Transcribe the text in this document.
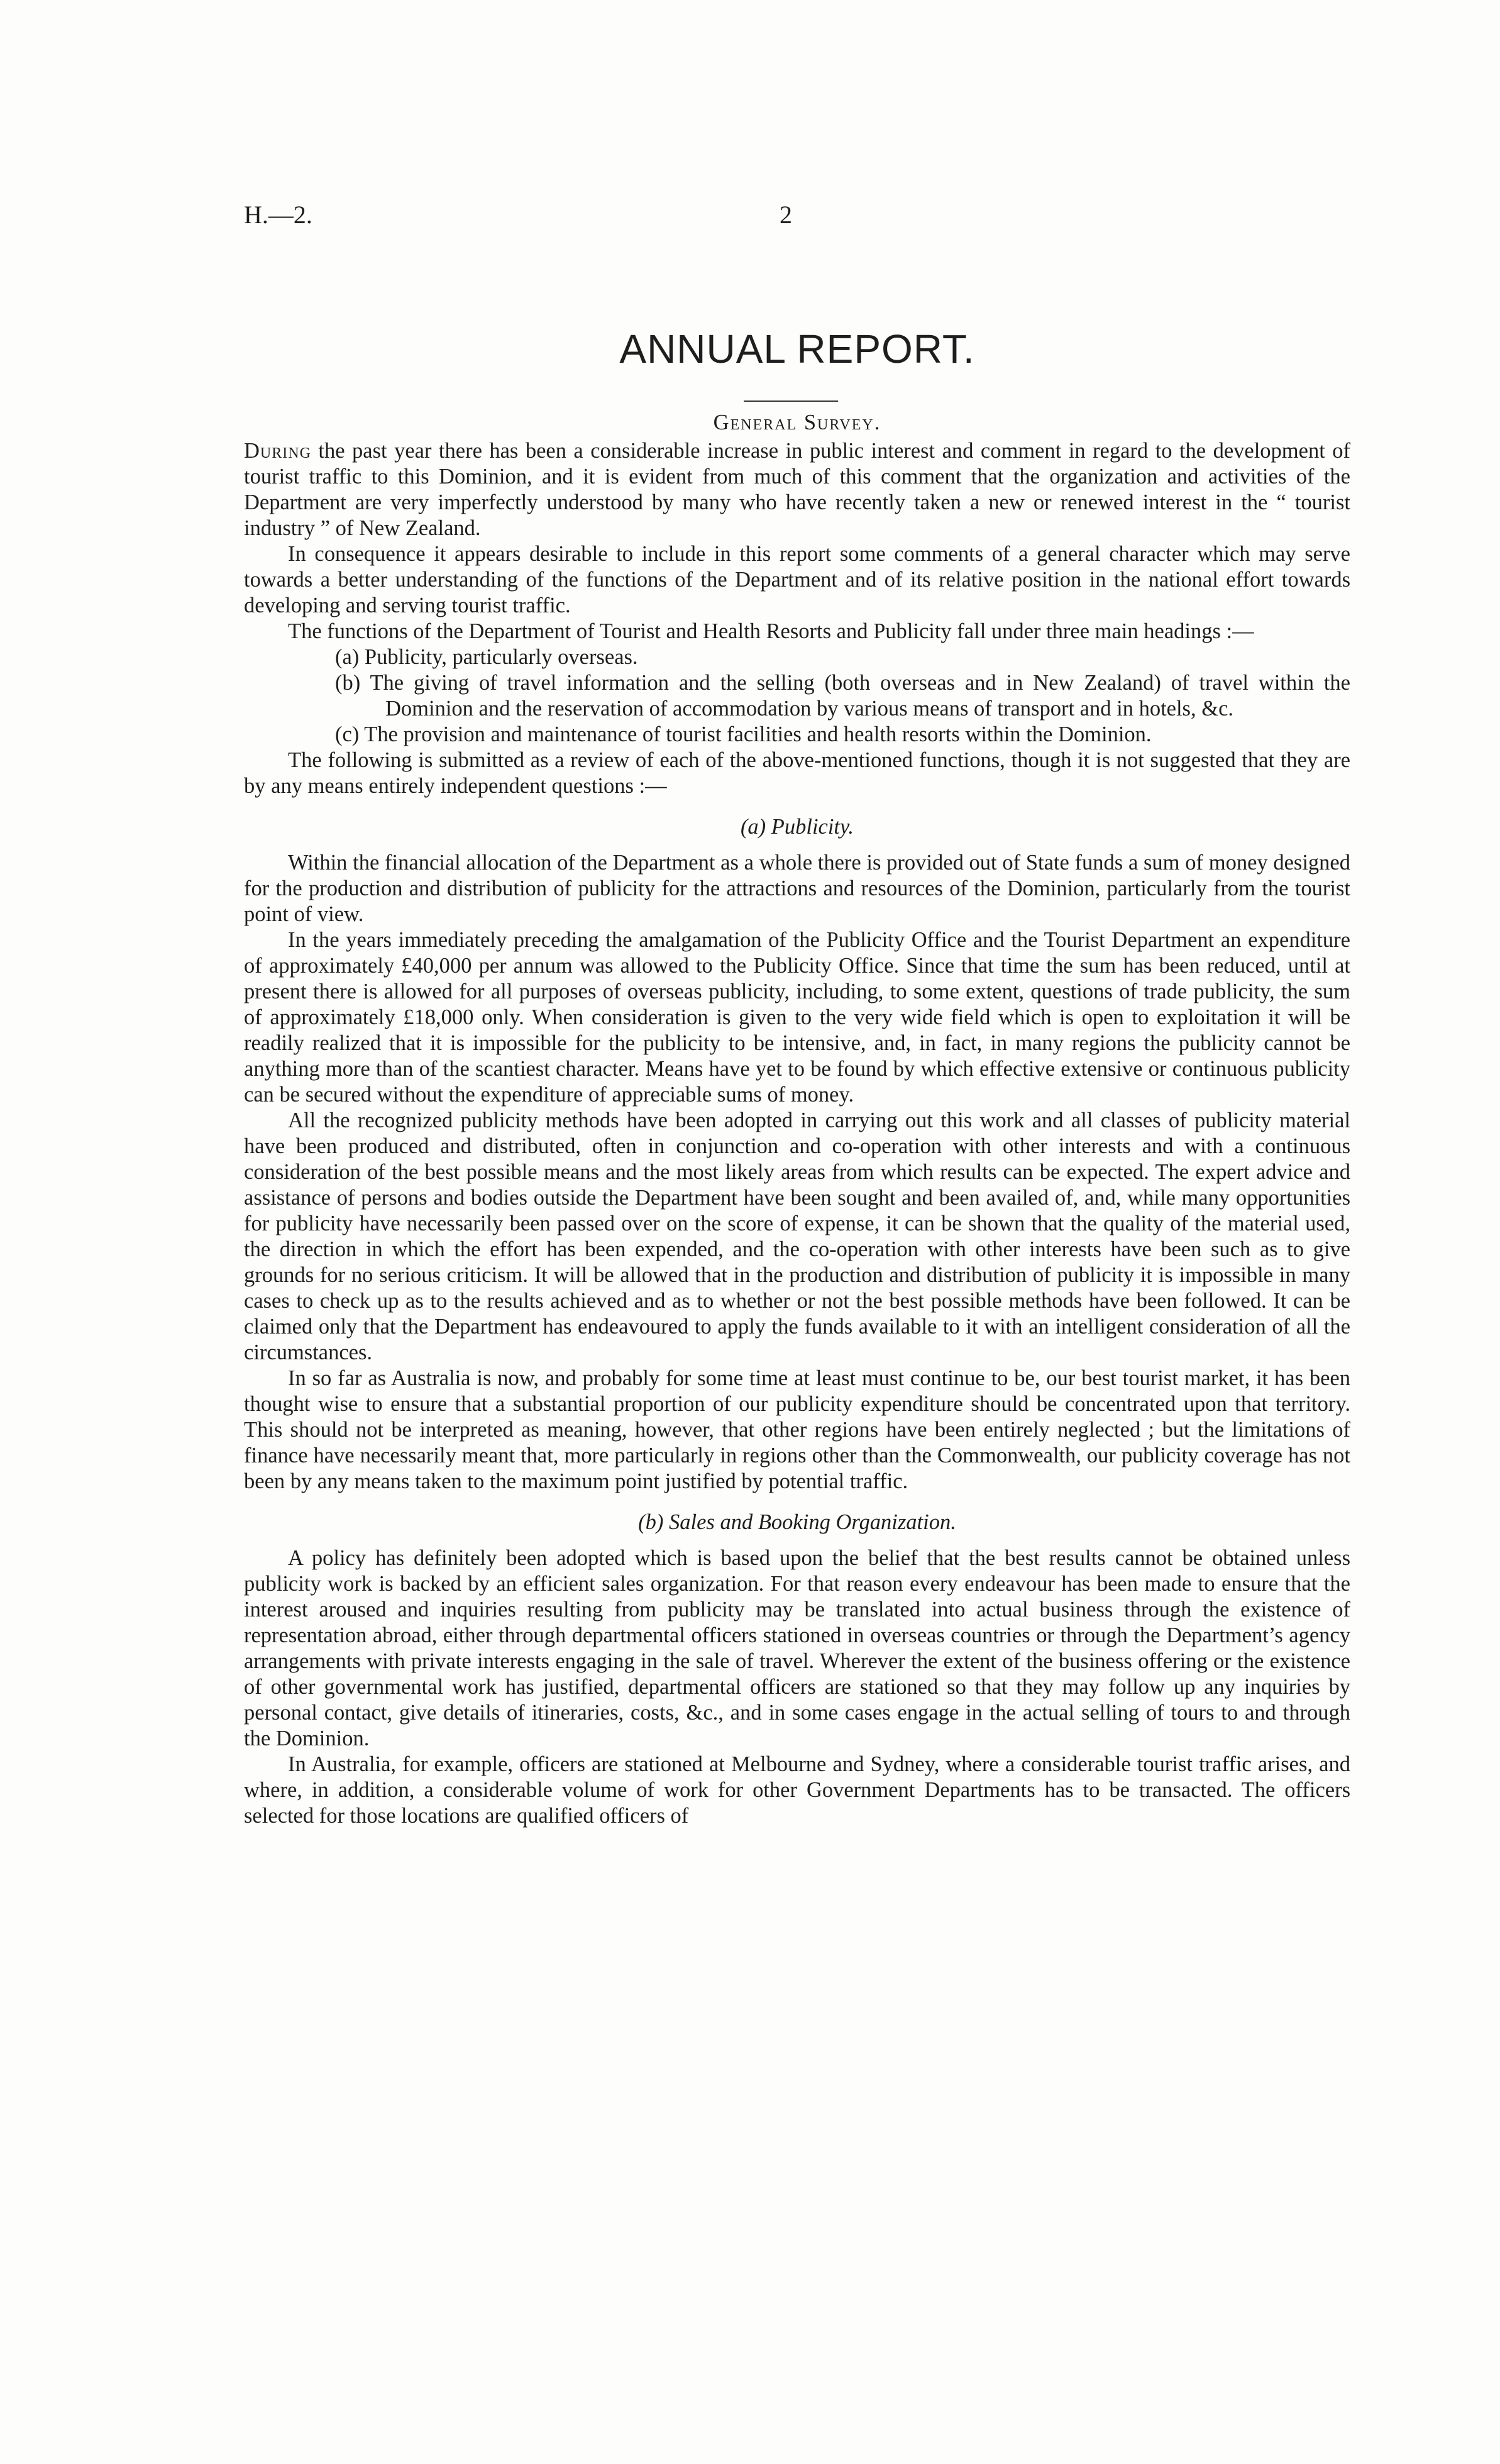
H.—2.	2
ANNUAL REPORT.
General Survey.

During the past year there has been a considerable increase in public interest and comment in regard to the development of tourist traffic to this Dominion, and it is evident from much of this comment that the organization and activities of the Department are very imperfectly understood by many who have recently taken a new or renewed interest in the “ tourist industry ” of New Zealand.

In consequence it appears desirable to include in this report some comments of a general character which may serve towards a better understanding of the functions of the Department and of its relative position in the national effort towards developing and serving tourist traffic.

The functions of the Department of Tourist and Health Resorts and Publicity fall under three main headings :—

(a) Publicity, particularly overseas.
(b) The giving of travel information and the selling (both overseas and in New Zealand) of travel within the Dominion and the reservation of accommodation by various means of transport and in hotels, &c.
(c) The provision and maintenance of tourist facilities and health resorts within the Dominion.

The following is submitted as a review of each of the above-mentioned functions, though it is not suggested that they are by any means entirely independent questions :—

(a) Publicity.

Within the financial allocation of the Department as a whole there is provided out of State funds a sum of money designed for the production and distribution of publicity for the attractions and resources of the Dominion, particularly from the tourist point of view.

In the years immediately preceding the amalgamation of the Publicity Office and the Tourist Department an expenditure of approximately £40,000 per annum was allowed to the Publicity Office. Since that time the sum has been reduced, until at present there is allowed for all purposes of overseas publicity, including, to some extent, questions of trade publicity, the sum of approximately £18,000 only. When consideration is given to the very wide field which is open to exploitation it will be readily realized that it is impossible for the publicity to be intensive, and, in fact, in many regions the publicity cannot be anything more than of the scantiest character. Means have yet to be found by which effective extensive or continuous publicity can be secured without the expenditure of appreciable sums of money.

All the recognized publicity methods have been adopted in carrying out this work and all classes of publicity material have been produced and distributed, often in conjunction and co-operation with other interests and with a continuous consideration of the best possible means and the most likely areas from which results can be expected. The expert advice and assistance of persons and bodies outside the Department have been sought and been availed of, and, while many opportunities for publicity have necessarily been passed over on the score of expense, it can be shown that the quality of the material used, the direction in which the effort has been expended, and the co-operation with other interests have been such as to give grounds for no serious criticism. It will be allowed that in the production and distribution of publicity it is impossible in many cases to check up as to the results achieved and as to whether or not the best possible methods have been followed. It can be claimed only that the Department has endeavoured to apply the funds available to it with an intelligent consideration of all the circumstances.

In so far as Australia is now, and probably for some time at least must continue to be, our best tourist market, it has been thought wise to ensure that a substantial proportion of our publicity expenditure should be concentrated upon that territory. This should not be interpreted as meaning, however, that other regions have been entirely neglected ; but the limitations of finance have necessarily meant that, more particularly in regions other than the Commonwealth, our publicity coverage has not been by any means taken to the maximum point justified by potential traffic.

(b) Sales and Booking Organization.

A policy has definitely been adopted which is based upon the belief that the best results cannot be obtained unless publicity work is backed by an efficient sales organization. For that reason every endeavour has been made to ensure that the interest aroused and inquiries resulting from publicity may be translated into actual business through the existence of representation abroad, either through departmental officers stationed in overseas countries or through the Department’s agency arrangements with private interests engaging in the sale of travel. Wherever the extent of the business offering or the existence of other governmental work has justified, departmental officers are stationed so that they may follow up any inquiries by personal contact, give details of itineraries, costs, &c., and in some cases engage in the actual selling of tours to and through the Dominion.

In Australia, for example, officers are stationed at Melbourne and Sydney, where a considerable tourist traffic arises, and where, in addition, a considerable volume of work for other Government Departments has to be transacted. The officers selected for those locations are qualified officers of
